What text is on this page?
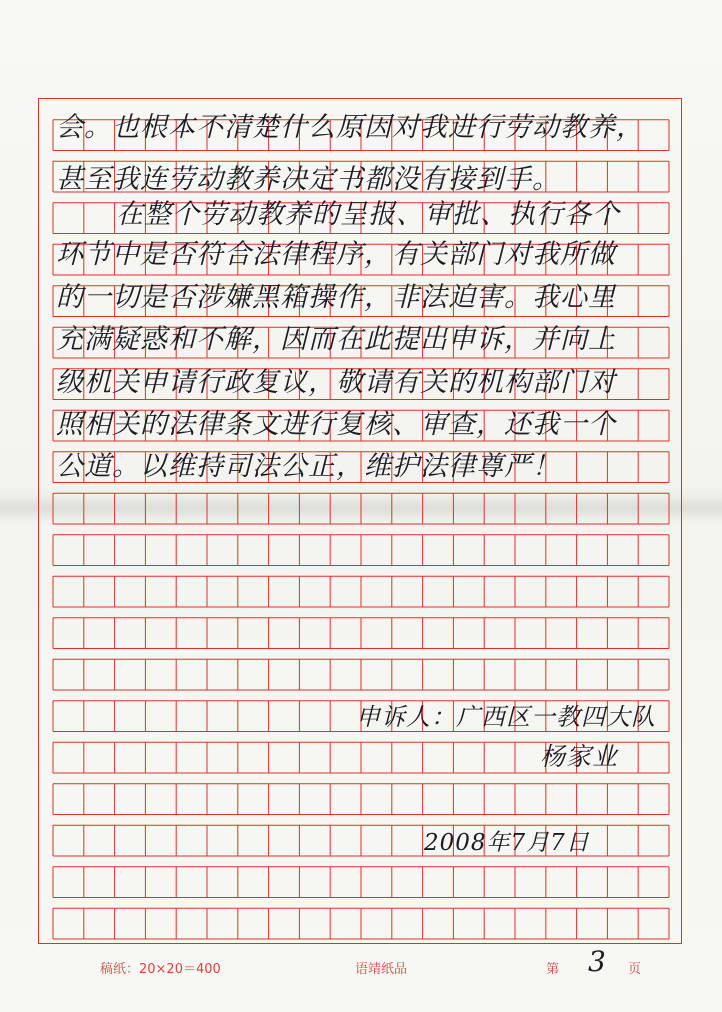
会。也根本不清楚什么原因对我进行劳动教养，
甚至我连劳动教养决定书都没有接到手。
在整个劳动教养的呈报、审批、执行各个
环节中是否符合法律程序，有关部门对我所做
的一切是否涉嫌黑箱操作，非法迫害。我心里
充满疑惑和不解，因而在此提出申诉，并向上
级机关申请行政复议，敬请有关的机构部门对
照相关的法律条文进行复核、审查，还我一个
公道。以维持司法公正，维护法律尊严！
申诉人：广西区一教四大队
杨家业
2008年7月7日
稿纸：20×20＝400	语靖纸品	第 3 页
